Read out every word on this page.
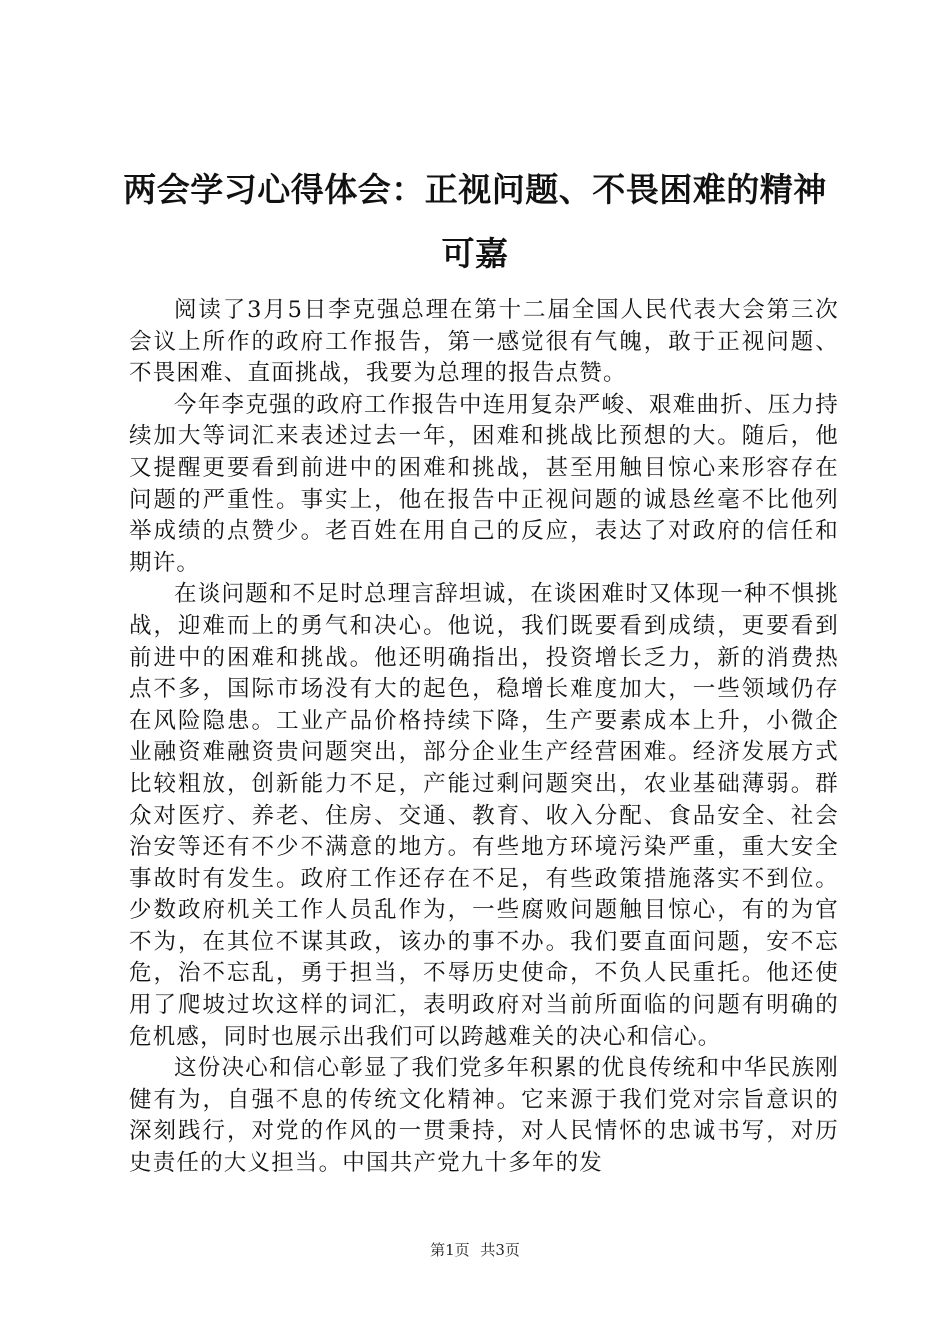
两会学习心得体会：正视问题、不畏困难的精神可嘉

阅读了3月5日李克强总理在第十二届全国人民代表大会第三次会议上所作的政府工作报告，第一感觉很有气魄，敢于正视问题、不畏困难、直面挑战，我要为总理的报告点赞。

今年李克强的政府工作报告中连用复杂严峻、艰难曲折、压力持续加大等词汇来表述过去一年，困难和挑战比预想的大。随后，他又提醒更要看到前进中的困难和挑战，甚至用触目惊心来形容存在问题的严重性。事实上，他在报告中正视问题的诚恳丝毫不比他列举成绩的点赞少。老百姓在用自己的反应，表达了对政府的信任和期许。

在谈问题和不足时总理言辞坦诚，在谈困难时又体现一种不惧挑战，迎难而上的勇气和决心。他说，我们既要看到成绩，更要看到前进中的困难和挑战。他还明确指出，投资增长乏力，新的消费热点不多，国际市场没有大的起色，稳增长难度加大，一些领域仍存在风险隐患。工业产品价格持续下降，生产要素成本上升，小微企业融资难融资贵问题突出，部分企业生产经营困难。经济发展方式比较粗放，创新能力不足，产能过剩问题突出，农业基础薄弱。群众对医疗、养老、住房、交通、教育、收入分配、食品安全、社会治安等还有不少不满意的地方。有些地方环境污染严重，重大安全事故时有发生。政府工作还存在不足，有些政策措施落实不到位。少数政府机关工作人员乱作为，一些腐败问题触目惊心，有的为官不为，在其位不谋其政，该办的事不办。我们要直面问题，安不忘危，治不忘乱，勇于担当，不辱历史使命，不负人民重托。他还使用了爬坡过坎这样的词汇，表明政府对当前所面临的问题有明确的危机感，同时也展示出我们可以跨越难关的决心和信心。

这份决心和信心彰显了我们党多年积累的优良传统和中华民族刚健有为，自强不息的传统文化精神。它来源于我们党对宗旨意识的深刻践行，对党的作风的一贯秉持，对人民情怀的忠诚书写，对历史责任的大义担当。中国共产党九十多年的发

第1页 共3页
